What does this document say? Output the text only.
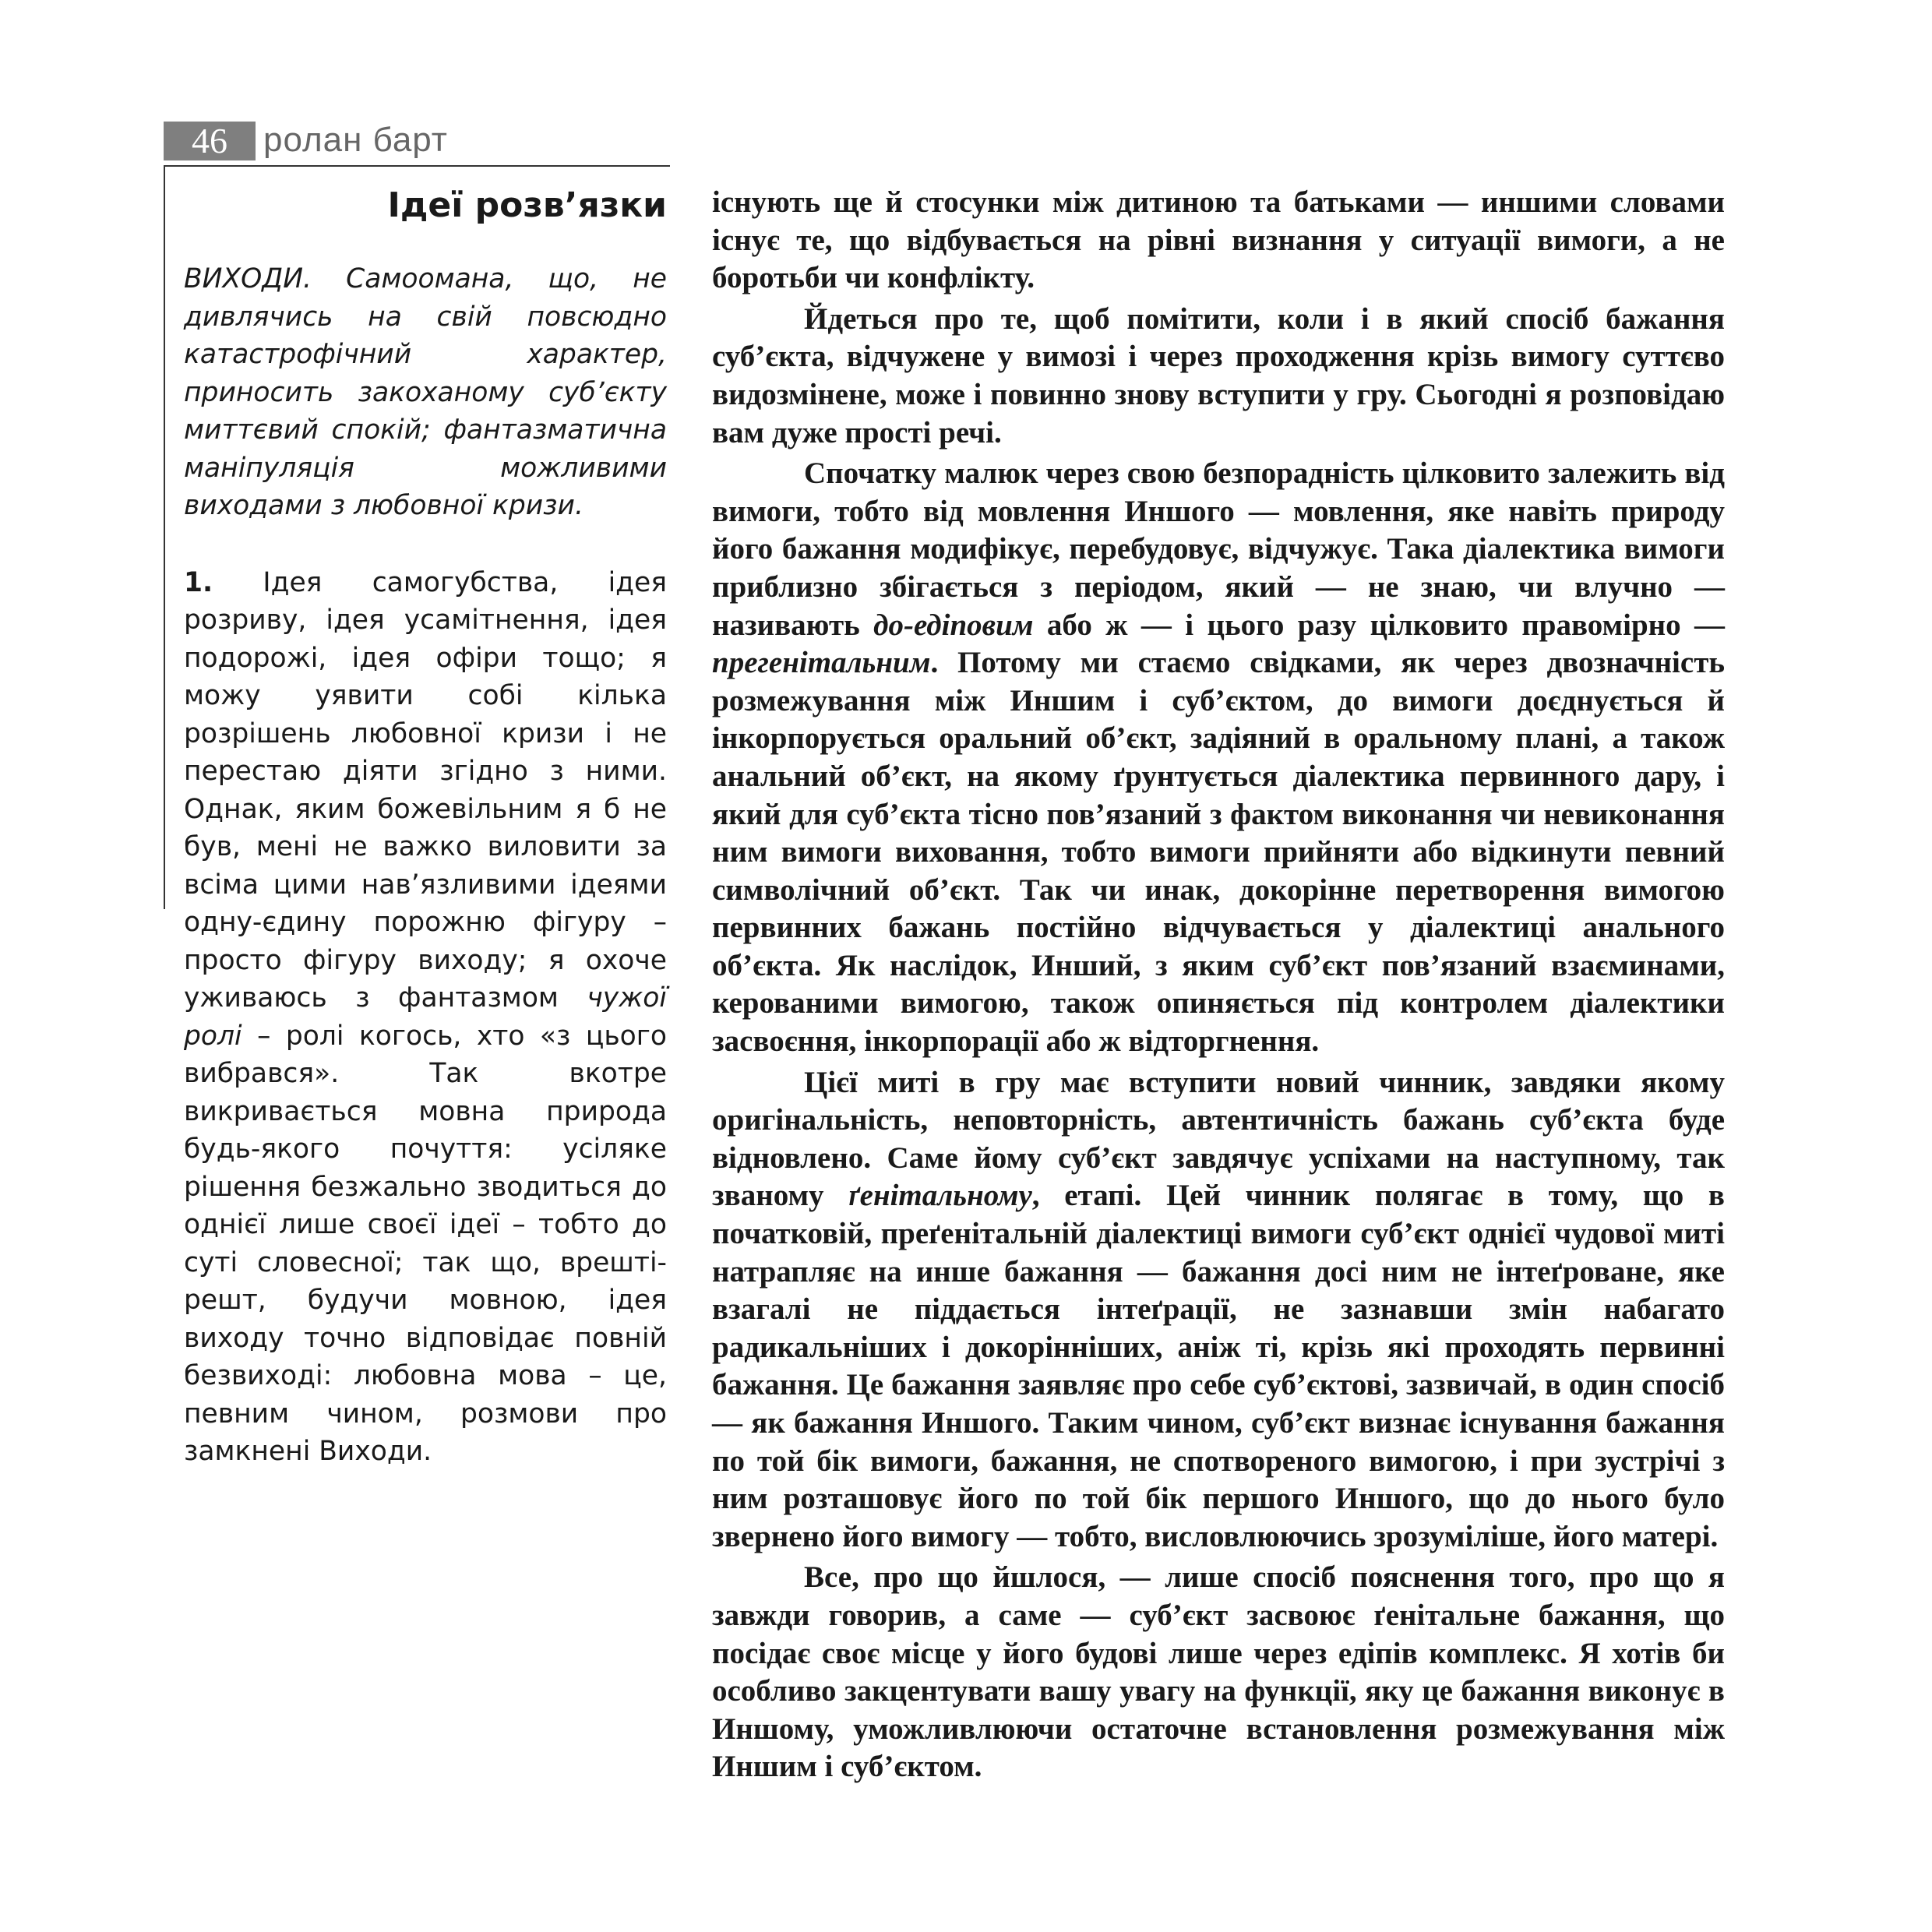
46	ролан барт
Ідеї розв’язки

ВИХОДИ. Самоомана, що, не дивлячись на свій повсюдно катастрофічний характер, приносить закоханому суб’єкту миттєвий спокій; фантазматична маніпуляція можливими виходами з любовної кризи.

1. Ідея самогубства, ідея розриву, ідея усамітнення, ідея подорожі, ідея офіри тощо; я можу уявити собі кілька розрішень любовної кризи і не перестаю діяти згідно з ними. Однак, яким божевільним я б не був, мені не важко виловити за всіма цими нав’язливими ідеями одну-єдину порожню фігуру – просто фігуру виходу; я охоче уживаюсь з фантазмом чужої ролі – ролі когось, хто «з цього вибрався». Так вкотре викривається мовна природа будь-якого почуття: усіляке рішення безжально зводиться до однієї лише своєї ідеї – тобто до суті словесної; так що, врешті-решт, будучи мовною, ідея виходу точно відповідає повній безвиході: любовна мова – це, певним чином, розмови про замкнені Виходи.

існують ще й стосунки між дитиною та батьками — иншими словами існує те, що відбувається на рівні визнання у ситуації вимоги, а не боротьби чи конфлікту.

Йдеться про те, щоб помітити, коли і в який спосіб бажання суб’єкта, відчужене у вимозі і через проходження крізь вимогу суттєво видозмінене, може і повинно знову вступити у гру. Сьогодні я розповідаю вам дуже прості речі.

Спочатку малюк через свою безпорадність цілковито залежить від вимоги, тобто від мовлення Иншого — мовлення, яке навіть природу його бажання модифікує, перебудовує, відчужує. Така діалектика вимоги приблизно збігається з періодом, який — не знаю, чи влучно — називають до-едіповим або ж — і цього разу цілковито правомірно — прегенітальним. Потому ми стаємо свідками, як через двозначність розмежування між Иншим і суб’єктом, до вимоги доєднується й інкорпорується оральний об’єкт, задіяний в оральному плані, а також анальний об’єкт, на якому ґрунтується діалектика первинного дару, і який для суб’єкта тісно пов’язаний з фактом виконання чи невиконання ним вимоги виховання, тобто вимоги прийняти або відкинути певний символічний об’єкт. Так чи инак, докорінне перетворення вимогою первинних бажань постійно відчувається у діалектиці анального об’єкта. Як наслідок, Инший, з яким суб’єкт пов’язаний взаєминами, керованими вимогою, також опиняється під контролем діалектики засвоєння, інкорпорації або ж відторгнення.

Цієї миті в гру має вступити новий чинник, завдяки якому оригінальність, неповторність, автентичність бажань суб’єкта буде відновлено. Саме йому суб’єкт завдячує успіхами на наступному, так званому ґенітальному, етапі. Цей чинник полягає в тому, що в початковій, преґенітальній діалектиці вимоги суб’єкт однієї чудової миті натрапляє на инше бажання — бажання досі ним не інтеґроване, яке взагалі не піддається інтеґрації, не зазнавши змін набагато радикальніших і докорінніших, аніж ті, крізь які проходять первинні бажання. Це бажання заявляє про себе суб’єктові, зазвичай, в один спосіб — як бажання Иншого. Таким чином, суб’єкт визнає існування бажання по той бік вимоги, бажання, не спотвореного вимогою, і при зустрічі з ним розташовує його по той бік першого Иншого, що до нього було звернено його вимогу — тобто, висловлюючись зрозуміліше, його матері.

Все, про що йшлося, — лише спосіб пояснення того, про що я завжди говорив, а саме — суб’єкт засвоює ґенітальне бажання, що посідає своє місце у його будові лише через едіпів комплекс. Я хотів би особливо закцентувати вашу увагу на функції, яку це бажання виконує в Иншому, уможливлюючи остаточне встановлення розмежування між Иншим і суб’єктом.
